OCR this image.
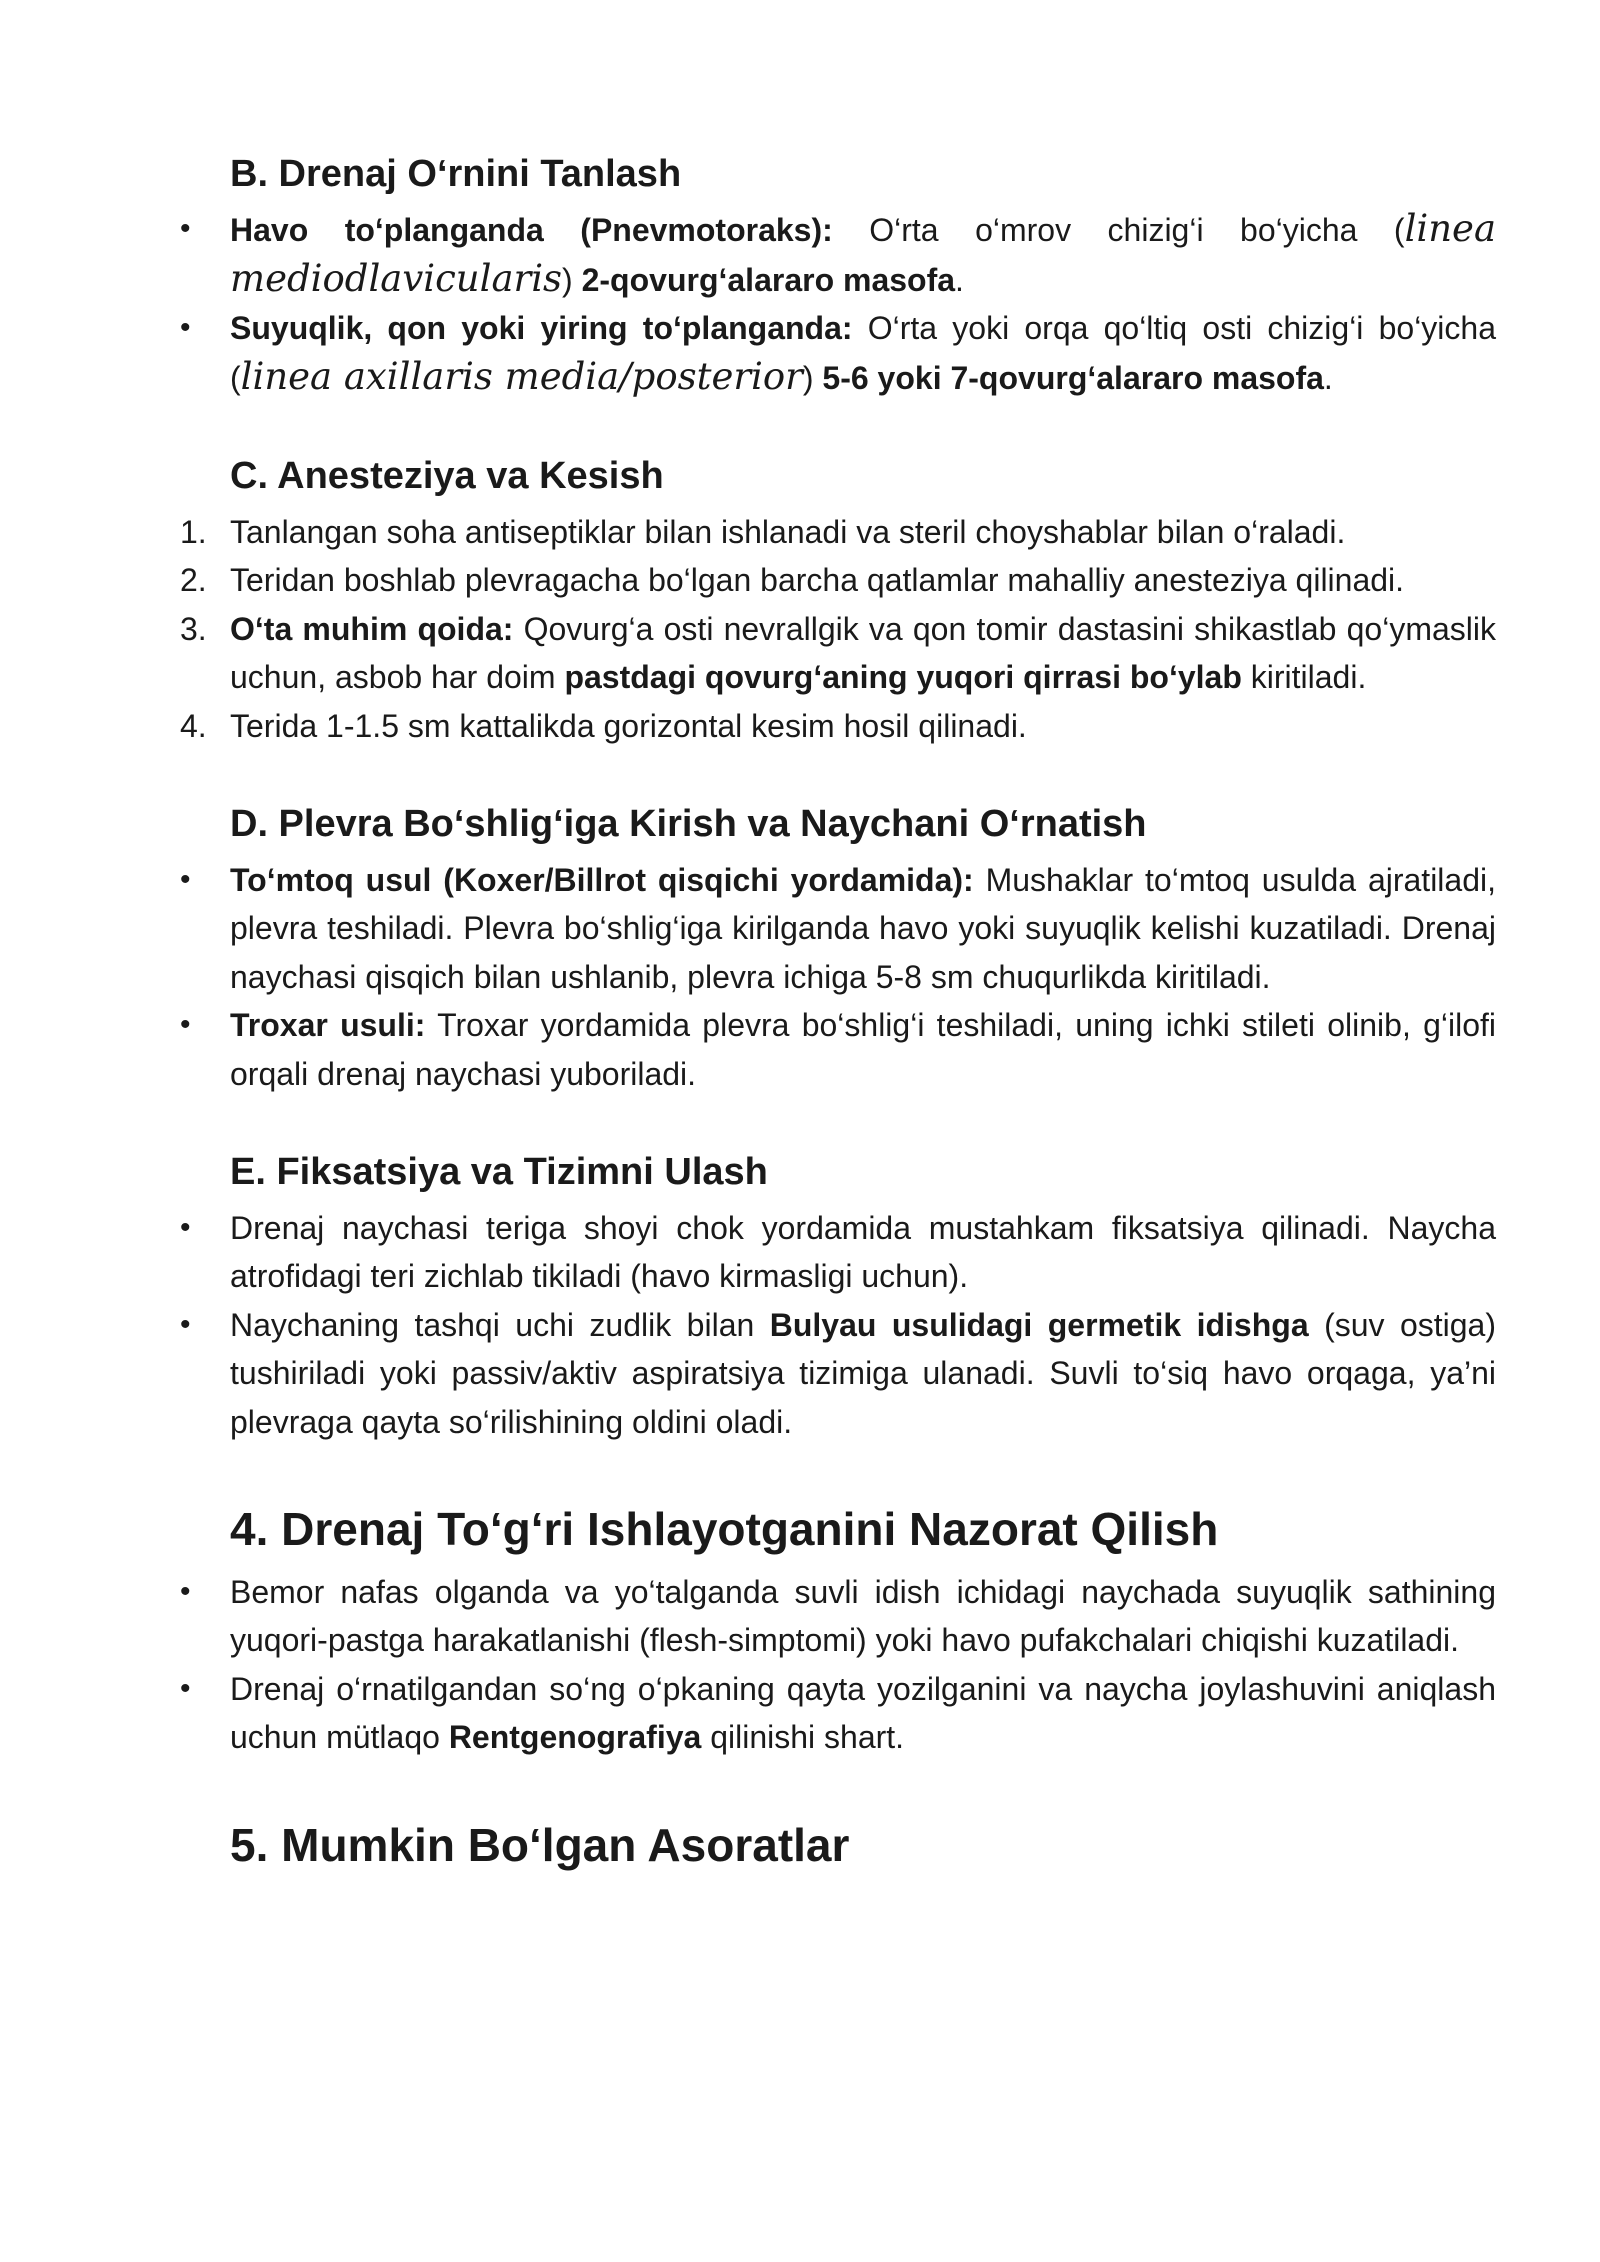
B. Drenaj O‘rnini Tanlash
• Havo to‘planganda (Pnevmotoraks): O‘rta o‘mrov chizig‘i bo‘yicha (linea mediodlavicularis) 2-qovurg‘alararo masofa.
• Suyuqlik, qon yoki yiring to‘planganda: O‘rta yoki orqa qo‘ltiq osti chizig‘i bo‘yicha (linea axillaris media/posterior) 5-6 yoki 7-qovurg‘alararo masofa.
C. Anesteziya va Kesish
1. Tanlangan soha antiseptiklar bilan ishlanadi va steril choyshablar bilan o‘raladi.
2. Teridan boshlab plevragacha bo‘lgan barcha qatlamlar mahalliy anesteziya qilinadi.
3. O‘ta muhim qoida: Qovurg‘a osti nevrallgik va qon tomir dastasini shikastlab qo‘ymaslik uchun, asbob har doim pastdagi qovurg‘aning yuqori qirrasi bo‘ylab kiritiladi.
4. Terida 1-1.5 sm kattalikda gorizontal kesim hosil qilinadi.
D. Plevra Bo‘shlig‘iga Kirish va Naychani O‘rnatish
• To‘mtoq usul (Koxer/Billrot qisqichi yordamida): Mushaklar to‘mtoq usulda ajratiladi, plevra teshiladi. Plevra bo‘shlig‘iga kirilganda havo yoki suyuqlik kelishi kuzatiladi. Drenaj naychasi qisqich bilan ushlanib, plevra ichiga 5-8 sm chuqurlikda kiritiladi.
• Troxar usuli: Troxar yordamida plevra bo‘shlig‘i teshiladi, uning ichki stileti olinib, g‘ilofi orqali drenaj naychasi yuboriladi.
E. Fiksatsiya va Tizimni Ulash
• Drenaj naychasi teriga shoyi chok yordamida mustahkam fiksatsiya qilinadi. Naycha atrofidagi teri zichlab tikiladi (havo kirmasligi uchun).
• Naychaning tashqi uchi zudlik bilan Bulyau usulidagi germetik idishga (suv ostiga) tushiriladi yoki passiv/aktiv aspiratsiya tizimiga ulanadi. Suvli to‘siq havo orqaga, ya’ni plevraga qayta so‘rilishining oldini oladi.
4. Drenaj To‘g‘ri Ishlayotganini Nazorat Qilish
• Bemor nafas olganda va yo‘talganda suvli idish ichidagi naychada suyuqlik sathining yuqori-pastga harakatlanishi (flesh-simptomi) yoki havo pufakchalari chiqishi kuzatiladi.
• Drenaj o‘rnatilgandan so‘ng o‘pkaning qayta yozilganini va naycha joylashuvini aniqlash uchun mütlaqo Rentgenografiya qilinishi shart.
5. Mumkin Bo‘lgan Asoratlar
